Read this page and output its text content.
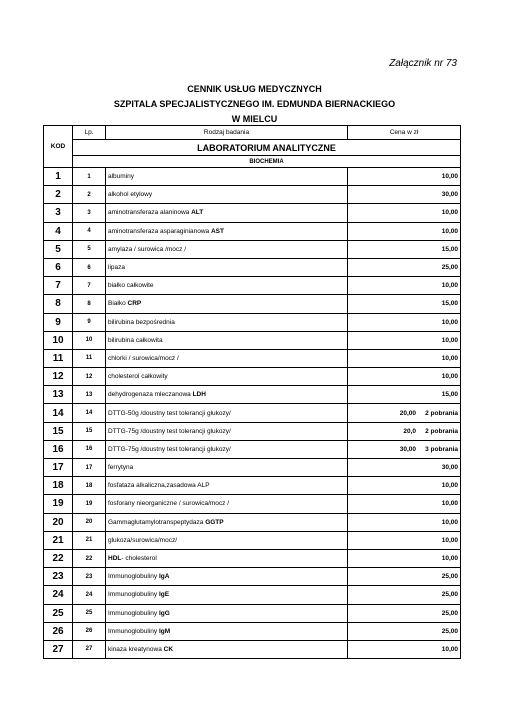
Załącznik nr 73
CENNIK USŁUG MEDYCZNYCH
SZPITALA SPECJALISTYCZNEGO IM. EDMUNDA BIERNACKIEGO
W MIELCU
KOD	Lp.	Rodzaj badania	Cena w zł
	LABORATORIUM ANALITYCZNE		
	BIOCHEMIA		
1	1	albuminy	10,00
2	2	alkohol etylowy	30,00
3	3	aminotransferaza alaninowa ALT	10,00
4	4	aminotransferaza asparaginianowa AST	10,00
5	5	amylaza / surowica /mocz /	15,00
6	6	lipaza	25,00
7	7	białko całkowite	10,00
8	8	Białko CRP	15,00
9	9	bilirubina bezpośrednia	10,00
10	10	bilirubina całkowita	10,00
11	11	chlorki / surowica/mocz /	10,00
12	12	cholesterol całkowity	10,00
13	13	dehydrogenaza mleczanowa LDH	15,00
14	14	DTTG-50g /doustny test tolerancji glukozy/	20,00 2 pobrania
15	15	DTTG-75g /doustny test tolerancji glukozy/	20,0 2 pobrania
16	16	DTTG-75g /doustny test tolerancji glukozy/	30,00 3 pobrania
17	17	ferrytyna	30,00
18	18	fosfataza alkaliczna,zasadowa ALP	10,00
19	19	fosforany nieorganiczne / surowica/mocz /	10,00
20	20	Gammaglutamylotranspeptydaza GGTP	10,00
21	21	glukoza/surowica/mocz/	10,00
22	22	HDL- cholesterol	10,00
23	23	Immunoglobuliny IgA	25,00
24	24	Immunoglobuliny IgE	25,00
25	25	Immunoglobuliny IgG	25,00
26	26	Immunoglobuliny IgM	25,00
27	27	kinaza kreatynowa CK	10,00
